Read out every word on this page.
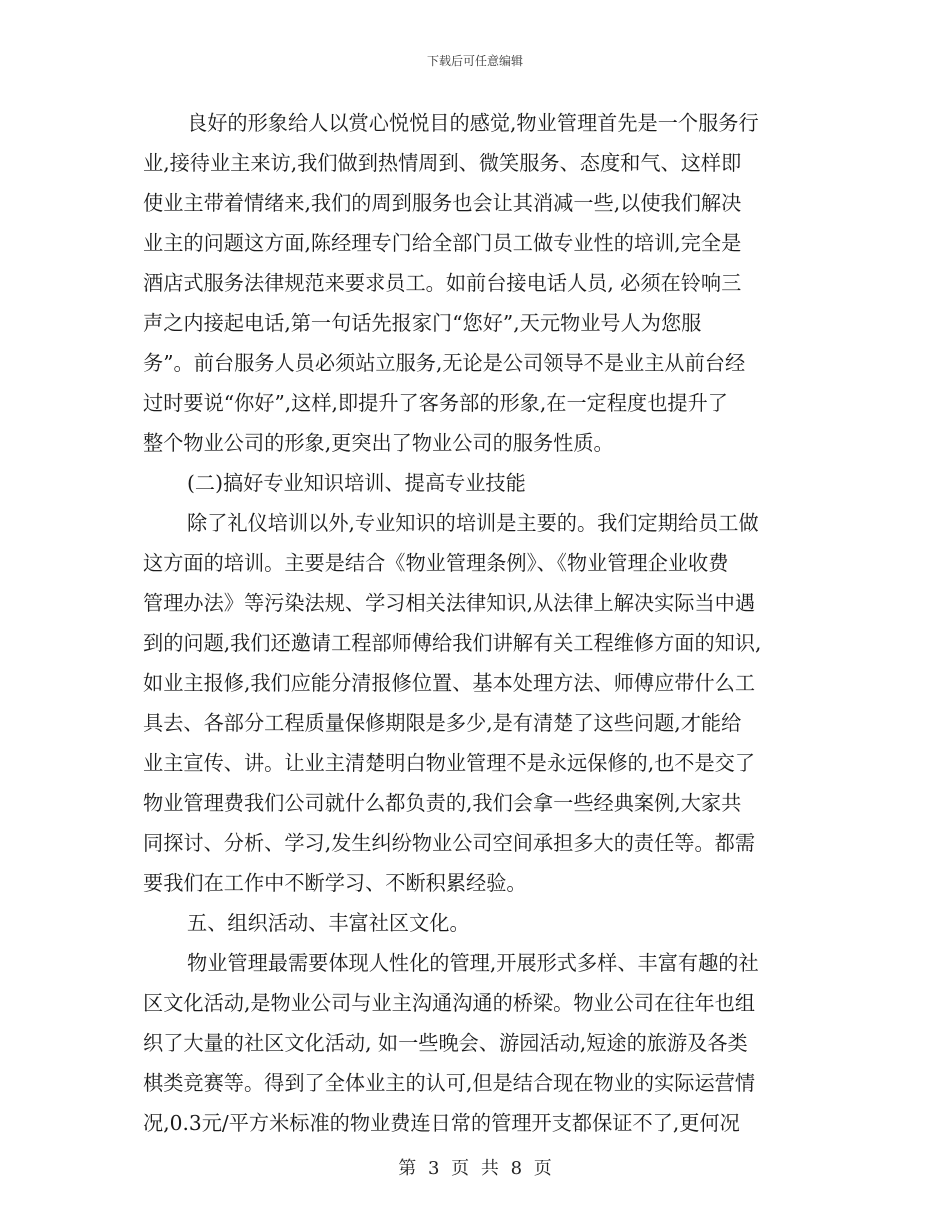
下载后可任意编辑
良好的形象给人以赏心悦悦目的感觉,物业管理首先是一个服务行
业,接待业主来访,我们做到热情周到、微笑服务、态度和气、这样即
使业主带着情绪来,我们的周到服务也会让其消减一些,以使我们解决
业主的问题这方面,陈经理专门给全部门员工做专业性的培训,完全是
酒店式服务法律规范来要求员工。如前台接电话人员, 必须在铃响三
声之内接起电话,第一句话先报家门“您好”,天元物业号人为您服
务”。前台服务人员必须站立服务,无论是公司领导不是业主从前台经
过时要说“你好”,这样,即提升了客务部的形象,在一定程度也提升了
整个物业公司的形象,更突出了物业公司的服务性质。
(二)搞好专业知识培训、提高专业技能
除了礼仪培训以外,专业知识的培训是主要的。我们定期给员工做
这方面的培训。主要是结合《物业管理条例》、《物业管理企业收费
管理办法》等污染法规、学习相关法律知识,从法律上解决实际当中遇
到的问题,我们还邀请工程部师傅给我们讲解有关工程维修方面的知识,
如业主报修,我们应能分清报修位置、基本处理方法、师傅应带什么工
具去、各部分工程质量保修期限是多少,是有清楚了这些问题,才能给
业主宣传、讲。让业主清楚明白物业管理不是永远保修的,也不是交了
物业管理费我们公司就什么都负责的,我们会拿一些经典案例,大家共
同探讨、分析、学习,发生纠纷物业公司空间承担多大的责任等。都需
要我们在工作中不断学习、不断积累经验。
五、组织活动、丰富社区文化。
物业管理最需要体现人性化的管理,开展形式多样、丰富有趣的社
区文化活动,是物业公司与业主沟通沟通的桥梁。物业公司在往年也组
织了大量的社区文化活动, 如一些晚会、游园活动,短途的旅游及各类
棋类竞赛等。得到了全体业主的认可,但是结合现在物业的实际运营情
况,0.3元/平方米标准的物业费连日常的管理开支都保证不了,更何况
第 3 页 共 8 页
